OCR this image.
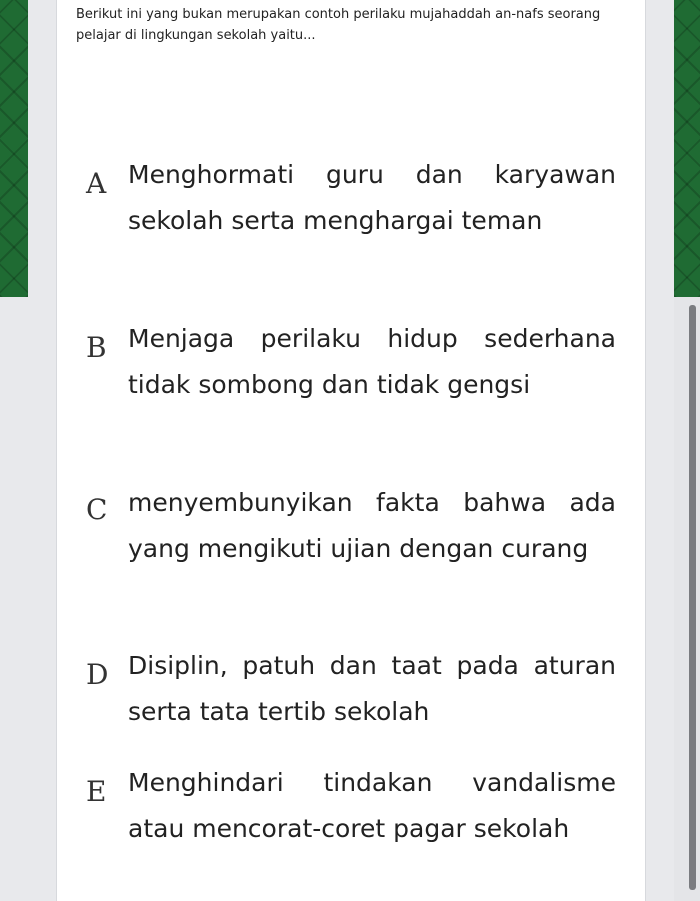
Berikut ini yang bukan merupakan contoh perilaku mujahaddah an-nafs seorang pelajar di lingkungan sekolah yaitu...
A Menghormati guru dan karyawan sekolah serta menghargai teman
B Menjaga perilaku hidup sederhana tidak sombong dan tidak gengsi
C menyembunyikan fakta bahwa ada yang mengikuti ujian dengan curang
D Disiplin, patuh dan taat pada aturan serta tata tertib sekolah
E Menghindari tindakan vandalisme atau mencorat-coret pagar sekolah
